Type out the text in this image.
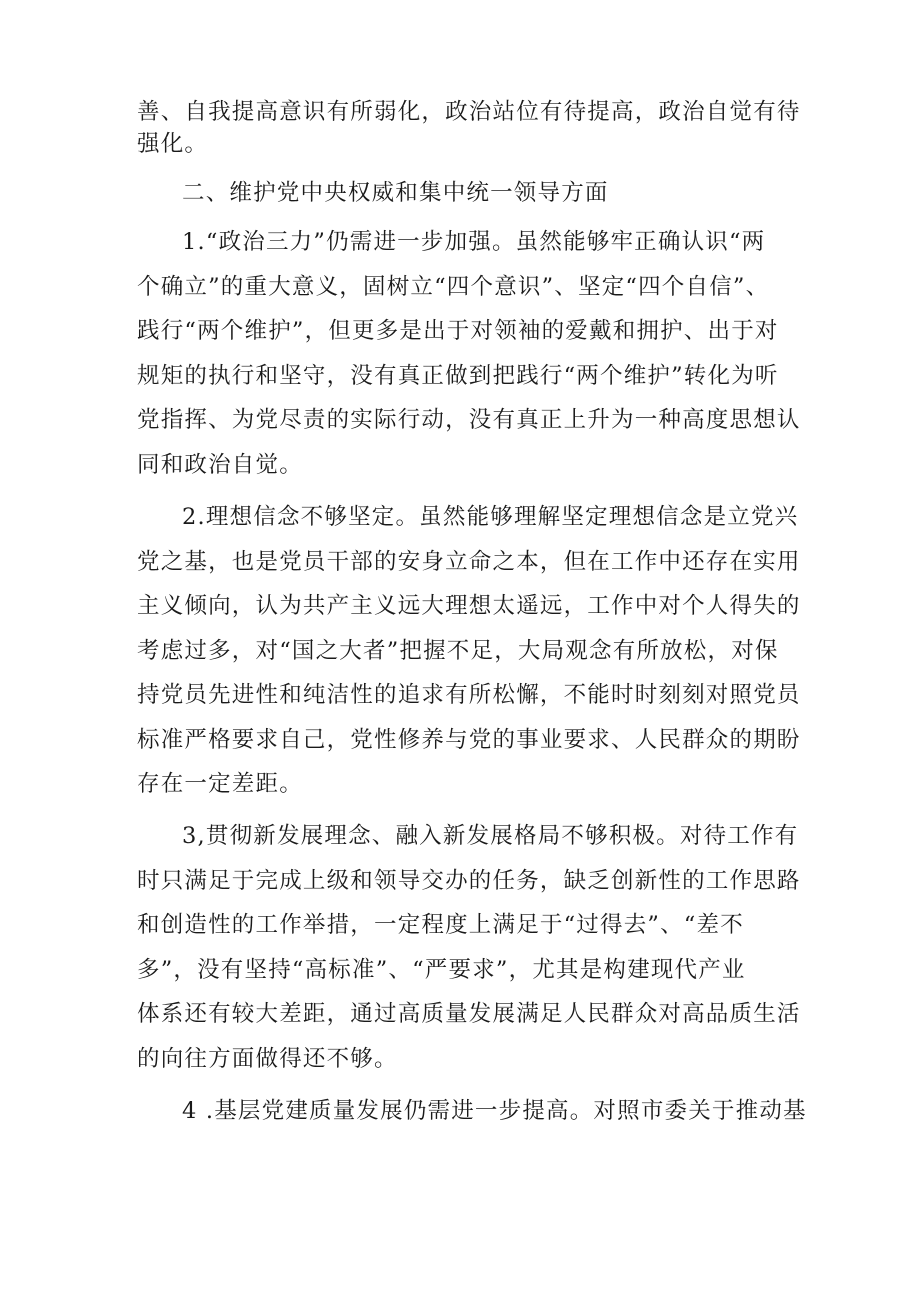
善、自我提高意识有所弱化，政治站位有待提高，政治自觉有待
强化。
二、维护党中央权威和集中统一领导方面
1.“政治三力”仍需进一步加强。虽然能够牢正确认识“两
个确立”的重大意义，固树立“四个意识”、坚定“四个自信”、
践行“两个维护”，但更多是出于对领袖的爱戴和拥护、出于对
规矩的执行和坚守，没有真正做到把践行“两个维护”转化为听
党指挥、为党尽责的实际行动，没有真正上升为一种高度思想认
同和政治自觉。
2.理想信念不够坚定。虽然能够理解坚定理想信念是立党兴
党之基，也是党员干部的安身立命之本，但在工作中还存在实用
主义倾向，认为共产主义远大理想太遥远，工作中对个人得失的
考虑过多，对“国之大者”把握不足，大局观念有所放松，对保
持党员先进性和纯洁性的追求有所松懈，不能时时刻刻对照党员
标准严格要求自己，党性修养与党的事业要求、人民群众的期盼
存在一定差距。
3,贯彻新发展理念、融入新发展格局不够积极。对待工作有
时只满足于完成上级和领导交办的任务，缺乏创新性的工作思路
和创造性的工作举措，一定程度上满足于“过得去”、“差不
多”，没有坚持“高标准”、“严要求”，尤其是构建现代产业
体系还有较大差距，通过高质量发展满足人民群众对高品质生活
的向往方面做得还不够。
4 .基层党建质量发展仍需进一步提高。对照市委关于推动基
